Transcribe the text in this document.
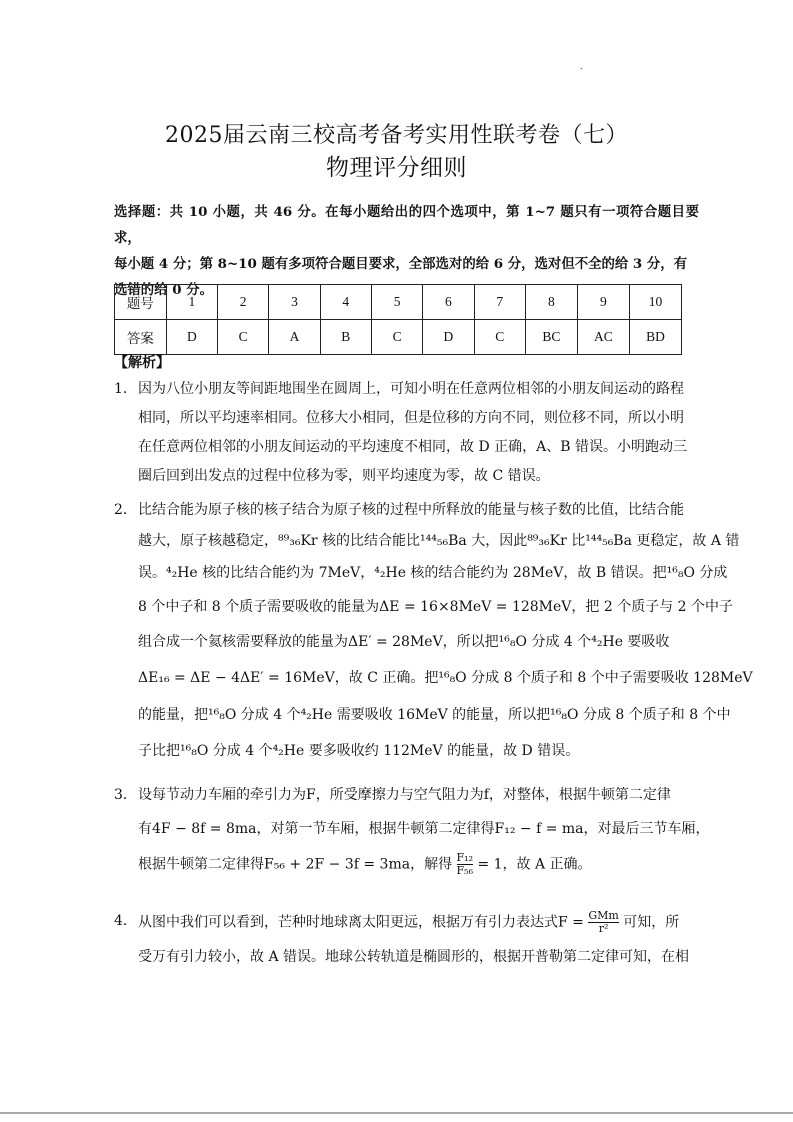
.
2025届云南三校高考备考实用性联考卷（七）
物理评分细则
选择题：共 10 小题，共 46 分。在每小题给出的四个选项中，第 1~7 题只有一项符合题目要求，
每小题 4 分；第 8~10 题有多项符合题目要求，全部选对的给 6 分，选对但不全的给 3 分，有
选错的给 0 分。
题号	1	2	3	4	5	6	7	8	9	10
答案	D	C	A	B	C	D	C	BC	AC	BD
【解析】
1． 因为八位小朋友等间距地围坐在圆周上，可知小明在任意两位相邻的小朋友间运动的路程
相同，所以平均速率相同。位移大小相同，但是位移的方向不同，则位移不同，所以小明
在任意两位相邻的小朋友间运动的平均速度不相同，故 D 正确，A、B 错误。小明跑动三
圈后回到出发点的过程中位移为零，则平均速度为零，故 C 错误。
2． 比结合能为原子核的核子结合为原子核的过程中所释放的能量与核子数的比值，比结合能
越大，原子核越稳定，⁸⁹₃₆Kr 核的比结合能比¹⁴⁴₅₆Ba 大，因此⁸⁹₃₆Kr 比¹⁴⁴₅₆Ba 更稳定，故 A 错
误。⁴₂He 核的比结合能约为 7MeV，⁴₂He 核的结合能约为 28MeV，故 B 错误。把¹⁶₈O 分成
8 个中子和 8 个质子需要吸收的能量为ΔE = 16×8MeV = 128MeV，把 2 个质子与 2 个中子
组合成一个氦核需要释放的能量为ΔE′ = 28MeV，所以把¹⁶₈O 分成 4 个⁴₂He 要吸收
ΔE₁₆ = ΔE − 4ΔE′ = 16MeV，故 C 正确。把¹⁶₈O 分成 8 个质子和 8 个中子需要吸收 128MeV
的能量，把¹⁶₈O 分成 4 个⁴₂He 需要吸收 16MeV 的能量，所以把¹⁶₈O 分成 8 个质子和 8 个中
子比把¹⁶₈O 分成 4 个⁴₂He 要多吸收约 112MeV 的能量，故 D 错误。
3． 设每节动力车厢的牵引力为F，所受摩擦力与空气阻力为f，对整体，根据牛顿第二定律
有4F − 8f = 8ma，对第一节车厢，根据牛顿第二定律得F₁₂ − f = ma，对最后三节车厢，
根据牛顿第二定律得F₅₆ + 2F − 3f = 3ma，解得 $\frac{\text{F₁₂}}{\text{F₅₆}} = 1$，故 A 正确。
4． 从图中我们可以看到，芒种时地球离太阳更远，根据万有引力表达式$F = \frac{\text{GMm}}{\text{r²}}$ 可知，所
受万有引力较小，故 A 错误。地球公转轨道是椭圆形的，根据开普勒第二定律可知，在相
